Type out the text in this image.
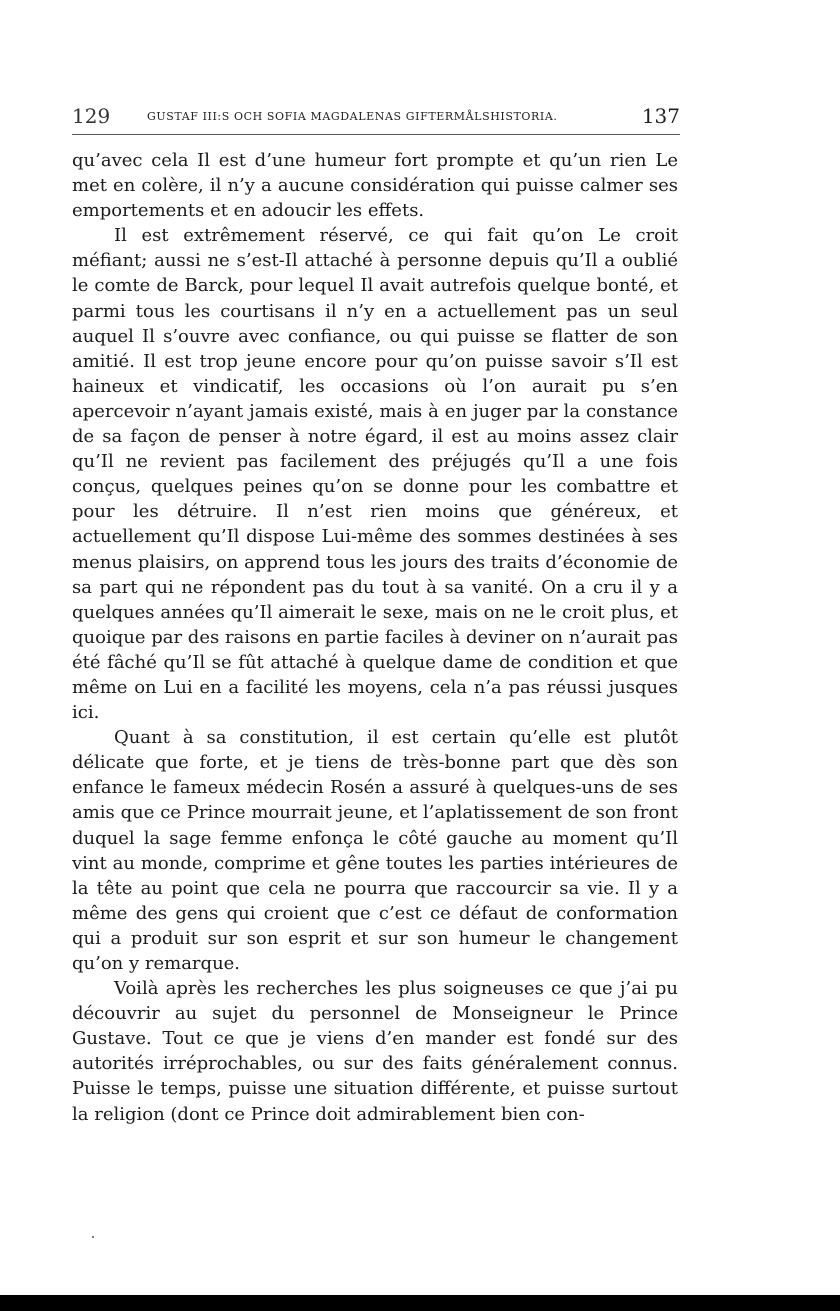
129	GUSTAF III:S OCH SOFIA MAGDALENAS GIFTERMÅLSHISTORIA.	137

qu’avec cela Il est d’une humeur fort prompte et qu’un rien Le met en colère, il n’y a aucune considération qui puisse calmer ses emportements et en adoucir les effets.

Il est extrêmement réservé, ce qui fait qu’on Le croit méfiant; aussi ne s’est-Il attaché à personne depuis qu’Il a oublié le comte de Barck, pour lequel Il avait autrefois quelque bonté, et parmi tous les courtisans il n’y en a actuellement pas un seul auquel Il s’ouvre avec confiance, ou qui puisse se flatter de son amitié. Il est trop jeune encore pour qu’on puisse savoir s’Il est haineux et vindicatif, les occasions où l’on aurait pu s’en apercevoir n’ayant jamais existé, mais à en juger par la constance de sa façon de penser à notre égard, il est au moins assez clair qu’Il ne revient pas facilement des préjugés qu’Il a une fois conçus, quelques peines qu’on se donne pour les combattre et pour les détruire. Il n’est rien moins que généreux, et actuellement qu’Il dispose Lui-même des sommes destinées à ses menus plaisirs, on apprend tous les jours des traits d’économie de sa part qui ne répondent pas du tout à sa vanité. On a cru il y a quelques années qu’Il aimerait le sexe, mais on ne le croit plus, et quoique par des raisons en partie faciles à deviner on n’aurait pas été fâché qu’Il se fût attaché à quelque dame de condition et que même on Lui en a facilité les moyens, cela n’a pas réussi jusques ici.

Quant à sa constitution, il est certain qu’elle est plutôt délicate que forte, et je tiens de très-bonne part que dès son enfance le fameux médecin Rosén a assuré à quelques-uns de ses amis que ce Prince mourrait jeune, et l’aplatissement de son front duquel la sage femme enfonça le côté gauche au moment qu’Il vint au monde, comprime et gêne toutes les parties intérieures de la tête au point que cela ne pourra que raccourcir sa vie. Il y a même des gens qui croient que c’est ce défaut de conformation qui a produit sur son esprit et sur son humeur le changement qu’on y remarque.

Voilà après les recherches les plus soigneuses ce que j’ai pu découvrir au sujet du personnel de Monseigneur le Prince Gustave. Tout ce que je viens d’en mander est fondé sur des autorités irréprochables, ou sur des faits généralement connus. Puisse le temps, puisse une situation différente, et puisse surtout la religion (dont ce Prince doit admirablement bien con-
